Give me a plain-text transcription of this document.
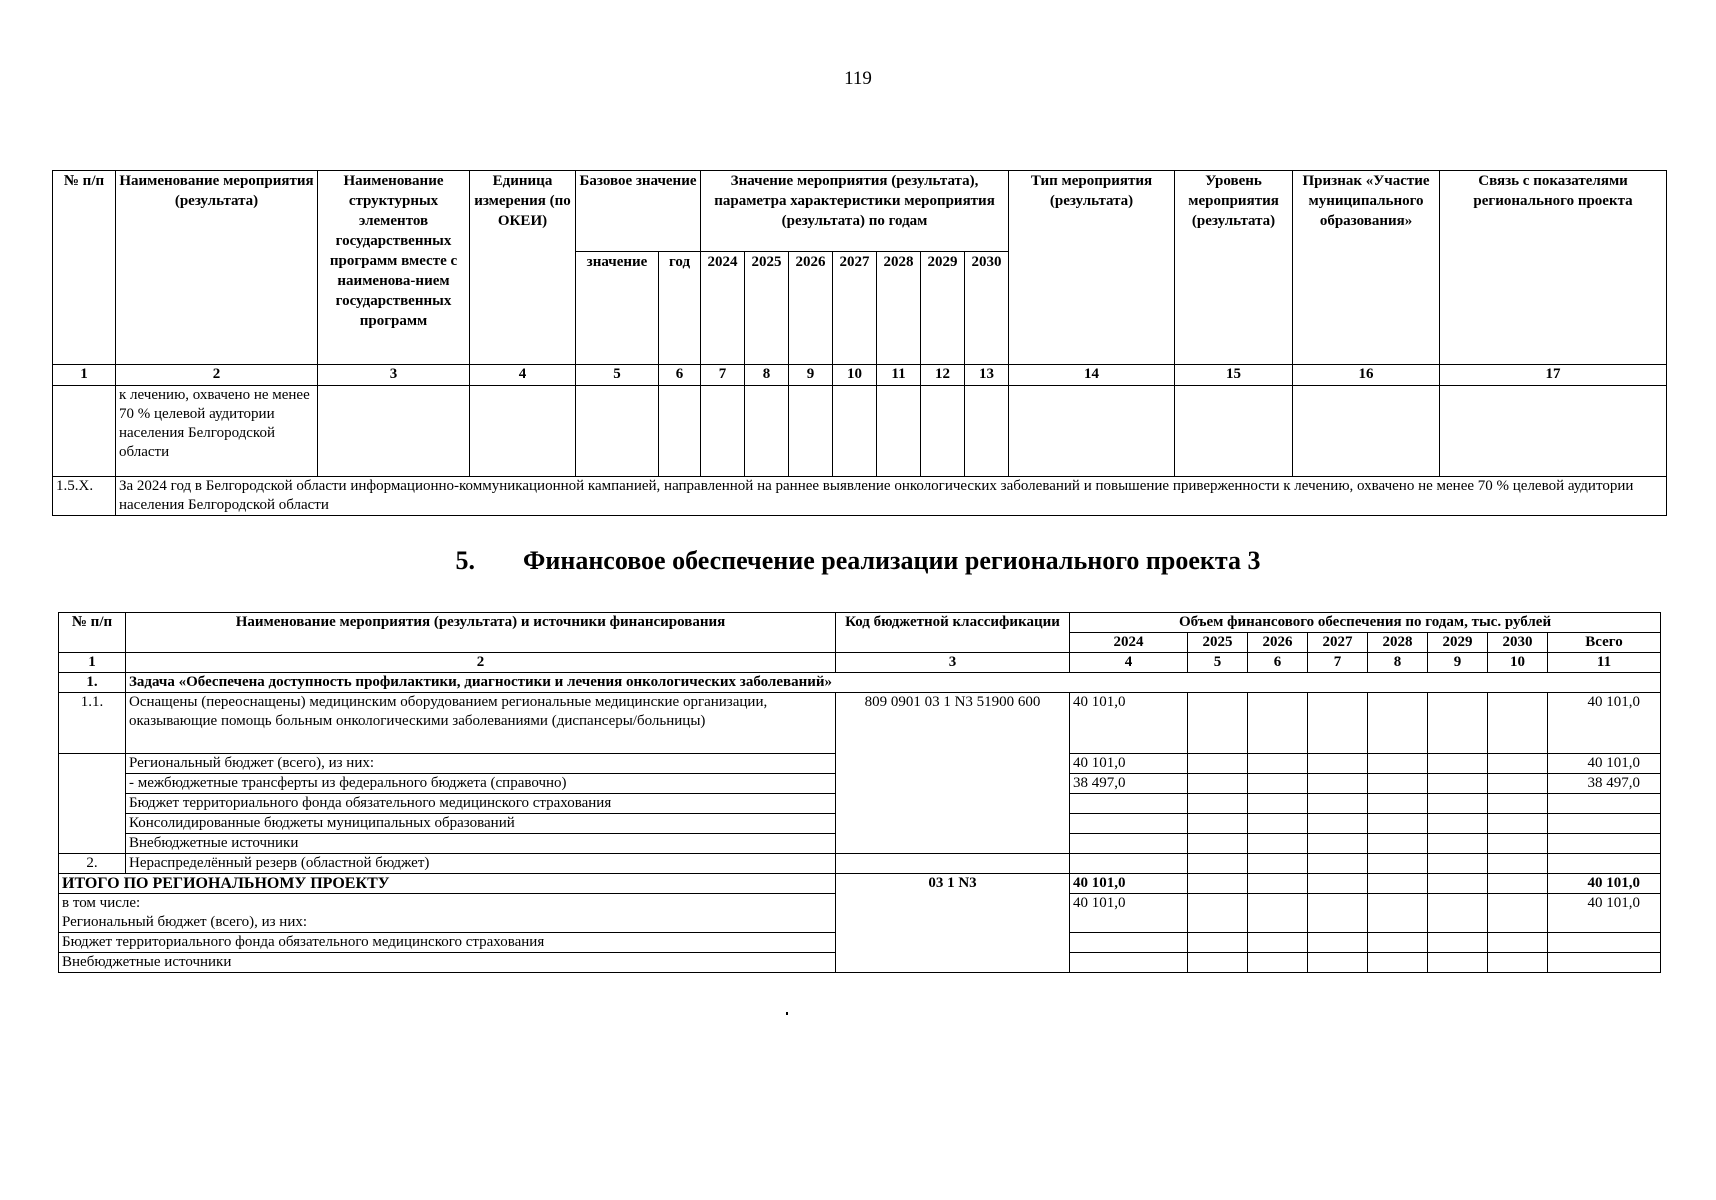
119
№ п/п	Наименование мероприятия (результата)	Наименование структурных элементов государственных программ вместе с наименова-нием государственных программ	Единица измерения (по ОКЕИ)	Базовое значение		Значение мероприятия (результата), параметра характеристики мероприятия (результата) по годам							Тип мероприятия (результата)	Уровень мероприятия (результата)	Признак «Участие муниципального образования»	Связь с показателями регионального проекта
				значение	год	2024	2025	2026	2027	2028	2029	2030				
1	2	3	4	5	6	7	8	9	10	11	12	13	14	15	16	17
	к лечению, охвачено не менее 70 % целевой аудитории населения Белгородской области															
1.5.Х.	За 2024 год в Белгородской области информационно-коммуникационной кампанией, направленной на раннее выявление онкологических заболеваний и повышение приверженности к лечению, охвачено не менее 70 % целевой аудитории населения Белгородской области															
5. Финансовое обеспечение реализации регионального проекта 3
№ п/п	Наименование мероприятия (результата) и источники финансирования	Код бюджетной классификации	Объем финансового обеспечения по годам, тыс. рублей							
			2024	2025	2026	2027	2028	2029	2030	Всего
1	2	3	4	5	6	7	8	9	10	11
1.	Задача «Обеспечена доступность профилактики, диагностики и лечения онкологических заболеваний»									
1.1.	Оснащены (переоснащены) медицинским оборудованием региональные медицинские организации, оказывающие помощь больным онкологическими заболеваниями (диспансеры/больницы)	809 0901 03 1 N3 51900 600	40 101,0							40 101,0
	Региональный бюджет (всего), из них:		40 101,0							40 101,0
	- межбюджетные трансферты из федерального бюджета (справочно)		38 497,0							38 497,0
	Бюджет территориального фонда обязательного медицинского страхования									
	Консолидированные бюджеты муниципальных образований									
	Внебюджетные источники									
2.	Нераспределённый резерв (областной бюджет)									
ИТОГО ПО РЕГИОНАЛЬНОМУ ПРОЕКТУ		03 1 N3	40 101,0							40 101,0

в том числе:
Региональный бюджет (всего), из них:			40 101,0							40 101,0
Бюджет территориального фонда обязательного медицинского страхования										
Внебюджетные источники										
